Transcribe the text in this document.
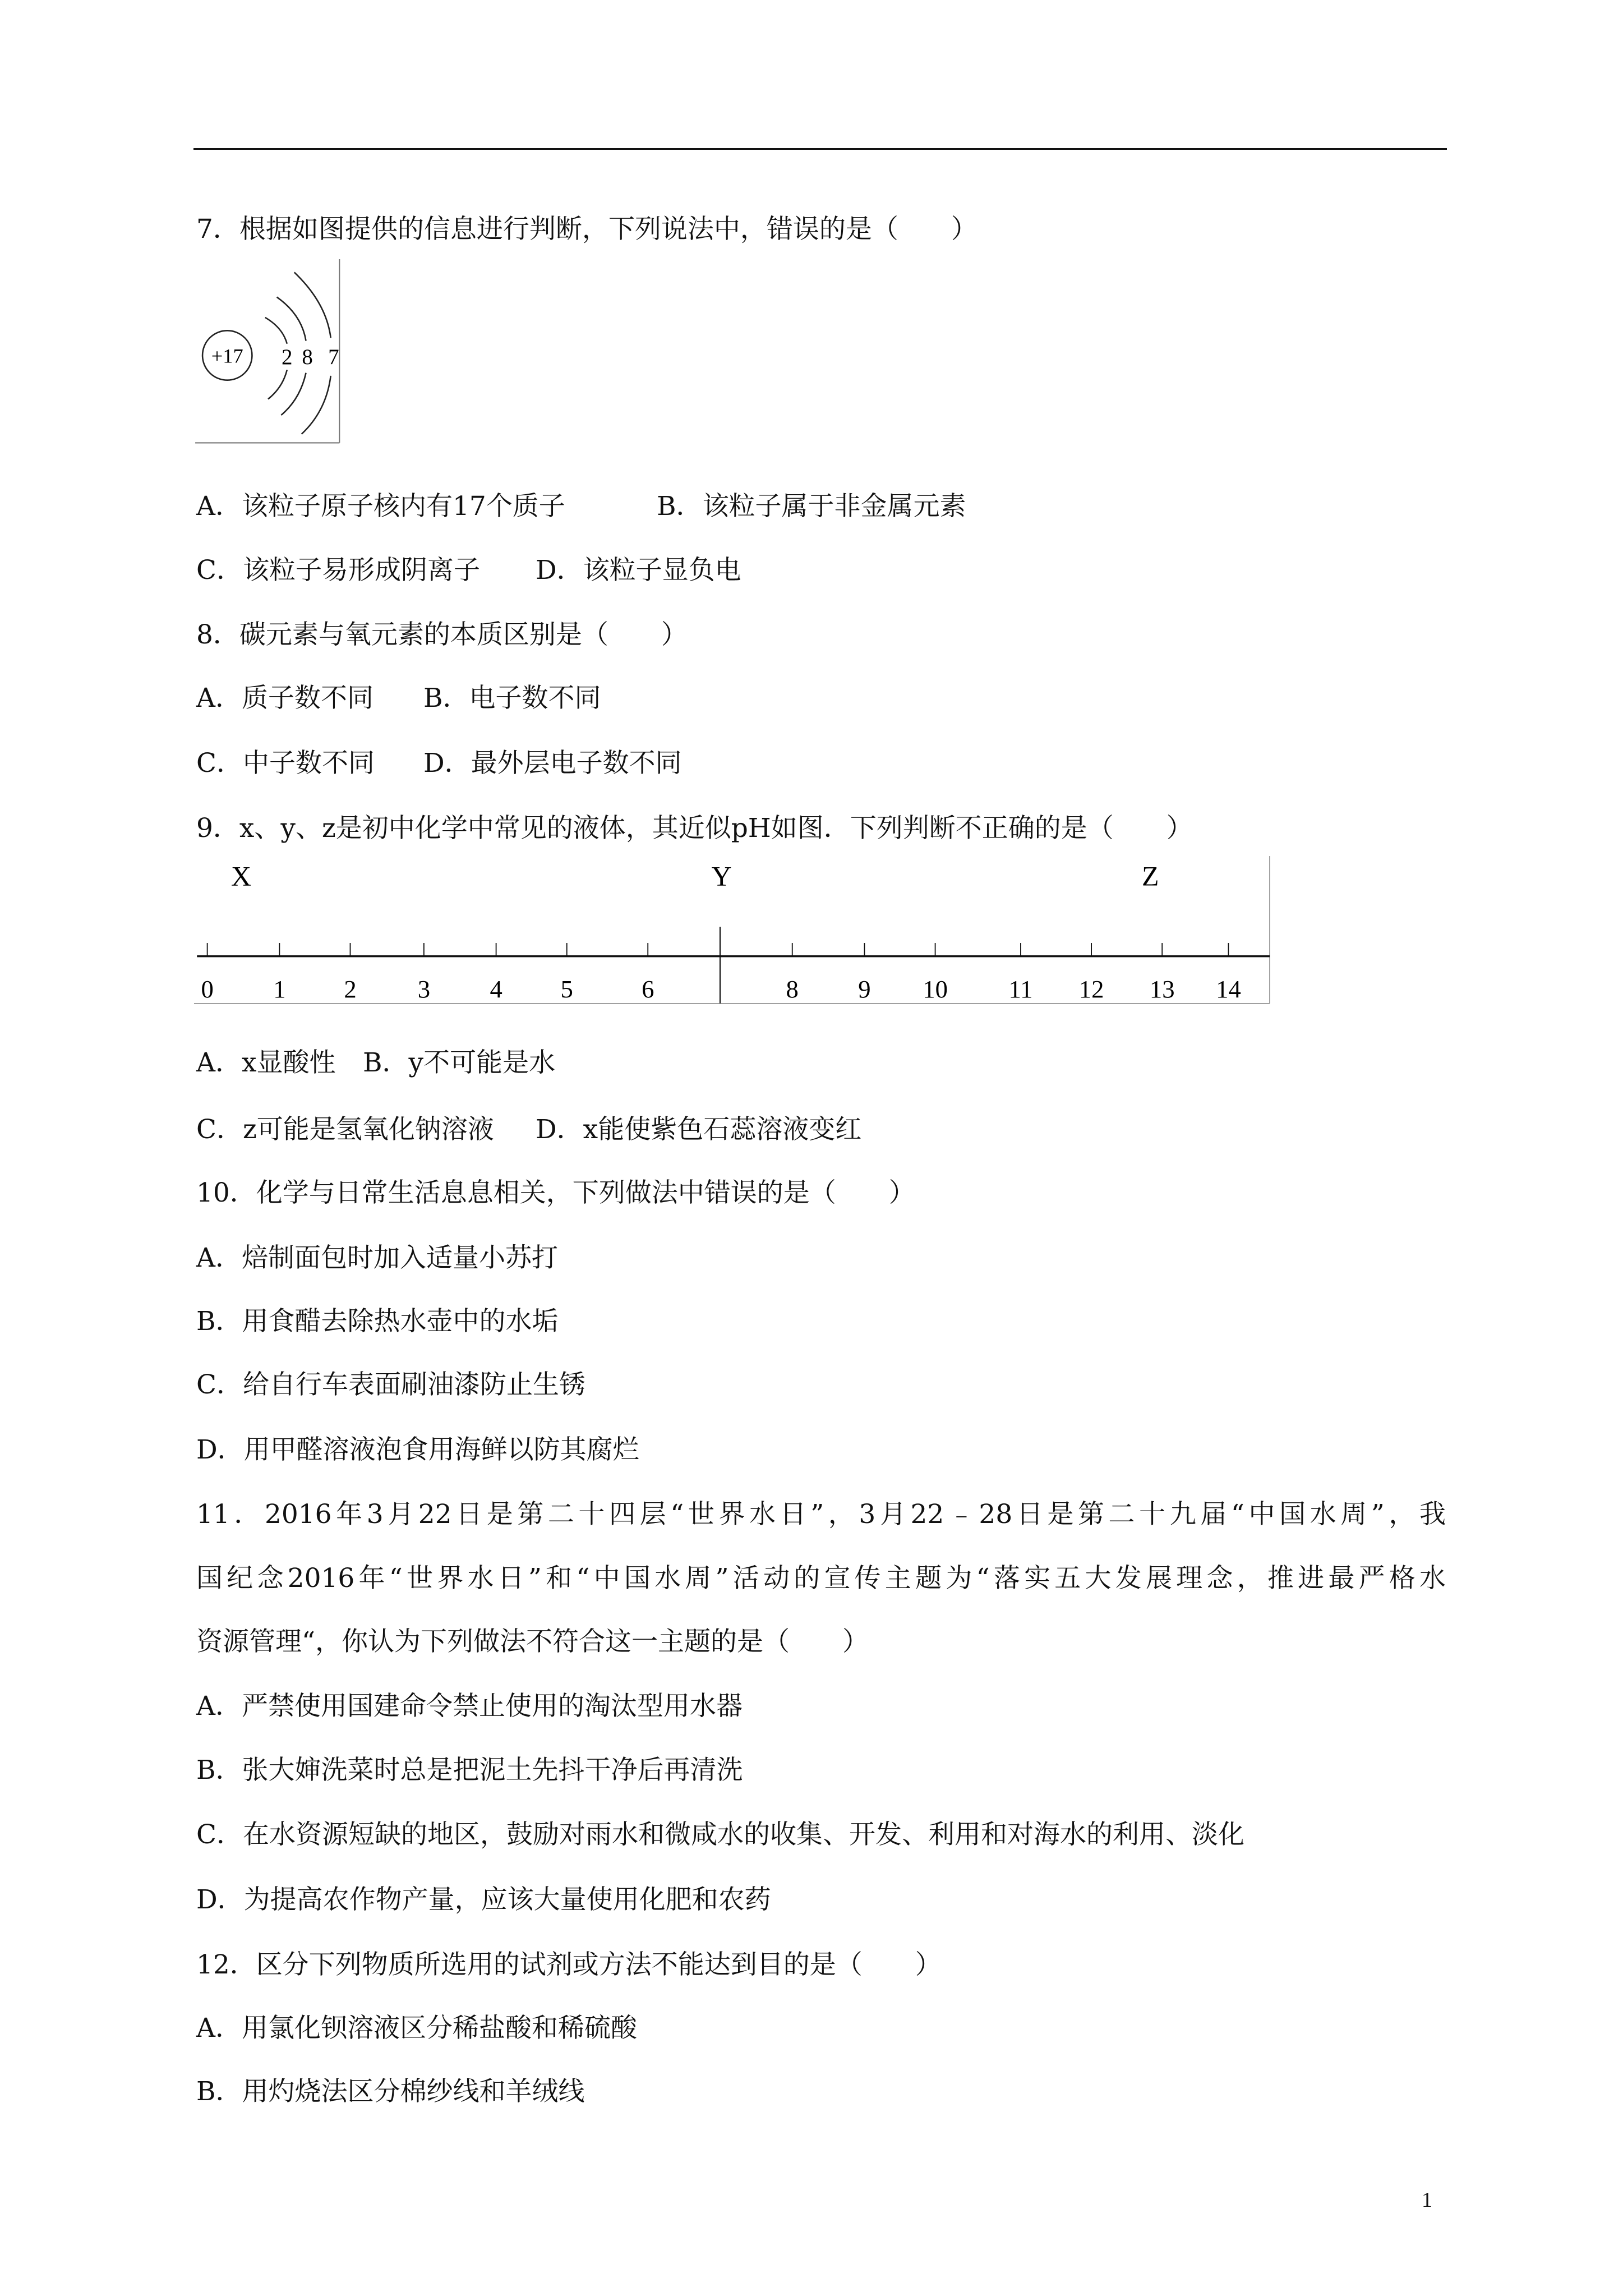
7．根据如图提供的信息进行判断，下列说法中，错误的是（　　）
+17	2 8 7
A．该粒子原子核内有17个质子	B．该粒子属于非金属元素
C．该粒子易形成阴离子 D．该粒子显负电
8．碳元素与氧元素的本质区别是（　　）
A．质子数不同 B．电子数不同
C．中子数不同 D．最外层电子数不同
9．x、y、z是初中化学中常见的液体，其近似pH如图．下列判断不正确的是（　　）
0	1	2	3	4	5	6	8	9	10	11	12	13	14
X	Y	Z
A．x显酸性 B．y不可能是水
C．z可能是氢氧化钠溶液 D．x能使紫色石蕊溶液变红
10．化学与日常生活息息相关，下列做法中错误的是（　　）
A．焙制面包时加入适量小苏打
B．用食醋去除热水壶中的水垢
C．给自行车表面刷油漆防止生锈
D．用甲醛溶液泡食用海鲜以防其腐烂
11．2016年3月22日是第二十四层“世界水日”，3月22﹣28日是第二十九届“中国水周”，我
国纪念2016年“世界水日”和“中国水周”活动的宣传主题为“落实五大发展理念，推进最严格水
资源管理“，你认为下列做法不符合这一主题的是（　　）
A．严禁使用国建命令禁止使用的淘汰型用水器
B．张大婶洗菜时总是把泥土先抖干净后再清洗
C．在水资源短缺的地区，鼓励对雨水和微咸水的收集、开发、利用和对海水的利用、淡化
D．为提高农作物产量，应该大量使用化肥和农药
12．区分下列物质所选用的试剂或方法不能达到目的是（　　）
A．用氯化钡溶液区分稀盐酸和稀硫酸
B．用灼烧法区分棉纱线和羊绒线
1
